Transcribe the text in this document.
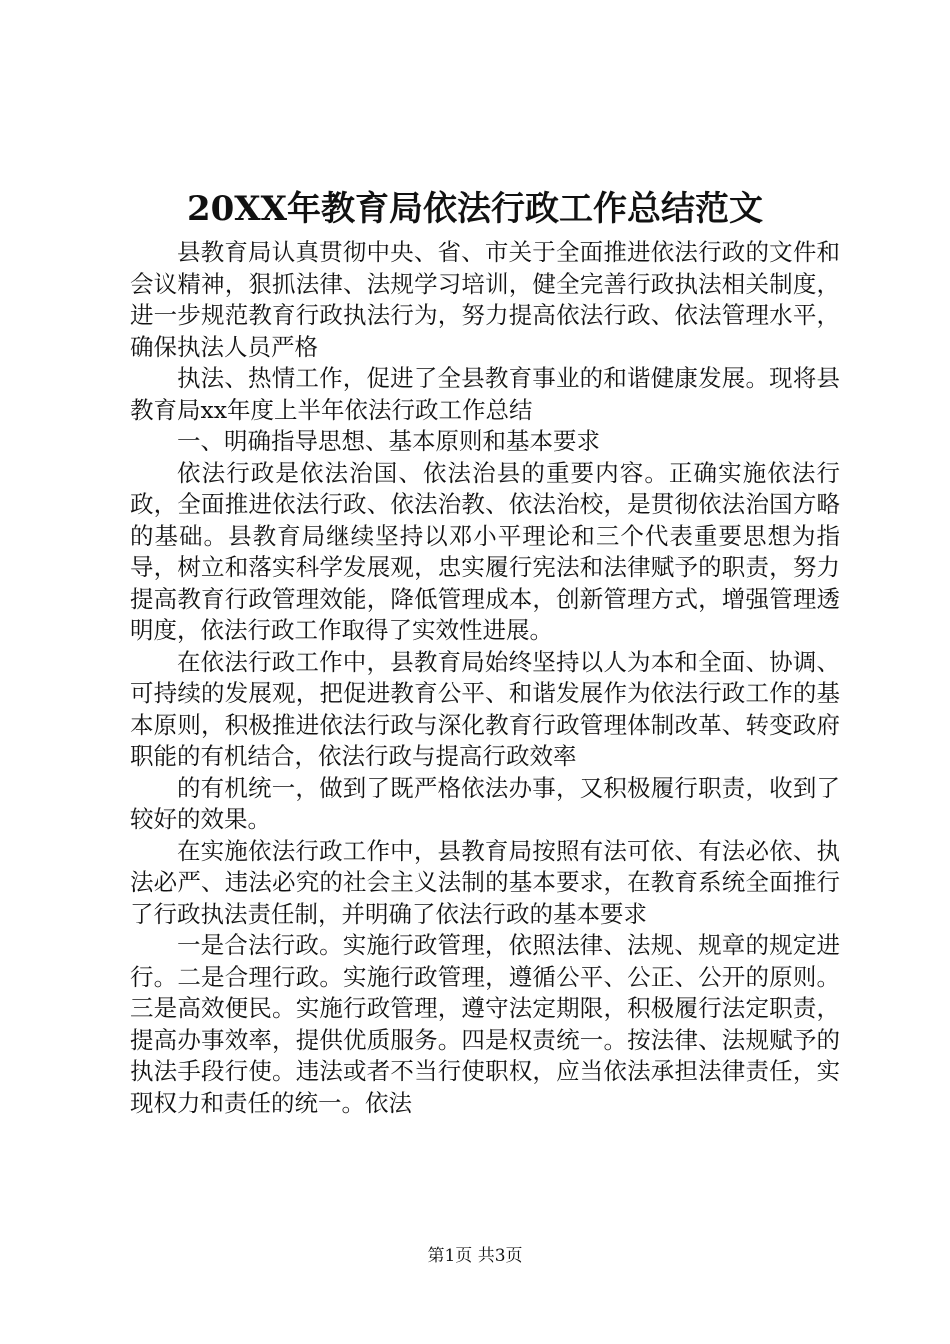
20XX年教育局依法行政工作总结范文

县教育局认真贯彻中央、省、市关于全面推进依法行政的文件和会议精神，狠抓法律、法规学习培训，健全完善行政执法相关制度，进一步规范教育行政执法行为，努力提高依法行政、依法管理水平，确保执法人员严格

执法、热情工作，促进了全县教育事业的和谐健康发展。现将县教育局xx年度上半年依法行政工作总结

一、明确指导思想、基本原则和基本要求

依法行政是依法治国、依法治县的重要内容。正确实施依法行政，全面推进依法行政、依法治教、依法治校，是贯彻依法治国方略的基础。县教育局继续坚持以邓小平理论和三个代表重要思想为指导，树立和落实科学发展观，忠实履行宪法和法律赋予的职责，努力提高教育行政管理效能，降低管理成本，创新管理方式，增强管理透明度，依法行政工作取得了实效性进展。

在依法行政工作中，县教育局始终坚持以人为本和全面、协调、可持续的发展观，把促进教育公平、和谐发展作为依法行政工作的基本原则，积极推进依法行政与深化教育行政管理体制改革、转变政府职能的有机结合，依法行政与提高行政效率

的有机统一，做到了既严格依法办事，又积极履行职责，收到了较好的效果。

在实施依法行政工作中，县教育局按照有法可依、有法必依、执法必严、违法必究的社会主义法制的基本要求，在教育系统全面推行了行政执法责任制，并明确了依法行政的基本要求

一是合法行政。实施行政管理，依照法律、法规、规章的规定进行。二是合理行政。实施行政管理，遵循公平、公正、公开的原则。三是高效便民。实施行政管理，遵守法定期限，积极履行法定职责，提高办事效率，提供优质服务。四是权责统一。按法律、法规赋予的执法手段行使。违法或者不当行使职权，应当依法承担法律责任，实现权力和责任的统一。依法

第1页 共3页
